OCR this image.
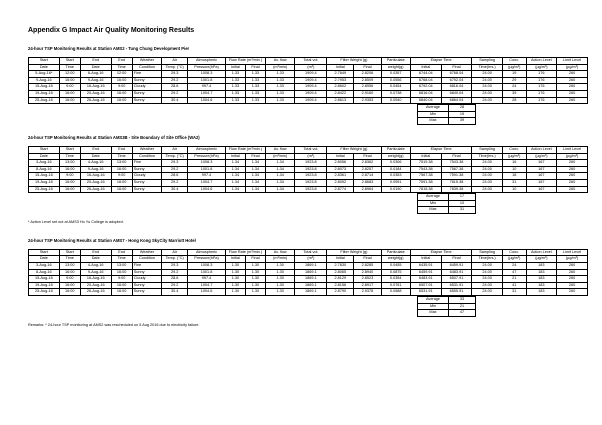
Appendix G Impact Air Quality Monitoring Results
24-hour TSP Monitoring Results at Station AMS2 - Tung Chung Development Pier
Start	Start	End	End	Weather	Air	Atmospheric	Flow Rate (m³/min.)		Av. flow	Total vol.	Filter Weight (g)		Particulate	Elapse Time		Sampling	Conc.	Action Level	Limit Level
Date	Time	Date	Time	Condition	Temp. (°C)	Pressure(hPa)	Initial	Final	(m³/min)	(m³)	Initial	Final	weight(g)	Initial	Final	Time(hrs.)	(μg/m³)	(μg/m³)	(μg/m³)
5-Aug-16*	12:00	6-Aug-16	12:00	Fine	29.3	1008.3	1.33	1.33	1.33	1909.4	2.7849	2.8206	0.0357	6744.04	6768.04	24.00	19	176	260
9-Aug-16	16:00	9-Aug-16	16:00	Sunny	29.2	1001.8	1.33	1.33	1.33	1909.4	2.7953	2.8509	0.0556	6768.04	6792.04	24.00	29	176	260
15-Aug-16	9:00	16-Aug-16	9:00	Cloudy	28.6	997.4	1.33	1.33	1.33	1909.4	2.8602	2.8956	0.0454	6792.04	6816.04	24.00	24	176	260
19-Aug-16	16:00	20-Aug-16	16:00	Sunny	29.2	1004.7	1.33	1.33	1.33	1909.4	2.8422	2.9160	0.0738	6816.04	6840.04	24.00	39	176	260
25-Aug-16	16:00	26-Aug-16	16:00	Sunny	30.4	1004.6	1.33	1.33	1.33	1909.4	2.8613	2.9353	0.0540	6840.04	6864.04	24.00	28	176	260
Average	28
Min	19
Max	39
24-hour TSP Monitoring Results at Station AMS3B - Site Boundary of Site Office (WA2)
Start	Start	End	End	Weather	Air	Atmospheric	Flow Rate (m³/min.)		Av. flow	Total vol.	Filter Weight (g)		Particulate	Elapse Time		Sampling	Conc.	Action Level	Limit Level
Date	Time	Date	Time	Condition	Temp. (°C)	Pressure(hPa)	Initial	Final	(m³/min)	(m³)	Initial	Final	weight(g)	Initial	Final	Time(hrs.)	(μg/m³)	(μg/m³)	(μg/m³)
3-Aug-16	13:00	4-Aug-16	13:00	Fine	29.3	1008.3	1.34	1.34	1.34	1923.8	2.8056	2.8362	0.0306	7519.38	7543.38	24.00	16	167	260
8-Aug-16	16:00	9-Aug-16	16:00	Sunny	29.2	1001.8	1.34	1.34	1.34	1923.8	2.8073	2.8257	0.0184	7543.38	7567.38	24.00	10	167	260
15-Aug-16	9:00	16-Aug-16	9:00	Cloudy	28.6	997.4	1.34	1.34	1.34	1923.8	2.8361	2.8714	0.0353	7567.38	7591.38	24.00	18	167	260
19-Aug-16	16:00	20-Aug-16	16:00	Sunny	29.2	1004.7	1.34	1.34	1.34	1923.8	2.8092	2.8683	0.0591	7591.38	7615.38	24.00	31	167	260
25-Aug-16	16:00	26-Aug-16	16:00	Sunny	30.4	1004.6	1.34	1.34	1.34	1923.8	2.8774	2.8964	0.0190	7615.38	7639.38	24.00	10	167	260
Average	17
Min	10
Max	31
* Action Level set out at AMS3 Ho Yu College is adopted.
24-hour TSP Monitoring Results at Station AMS7 - Hong Kong SkyCity Marriott Hotel
Start	Start	End	End	Weather	Air	Atmospheric	Flow Rate (m³/min.)		Av. flow	Total vol.	Filter Weight (g)		Particulate	Elapse Time		Sampling	Conc.	Action Level	Limit Level
Date	Time	Date	Time	Condition	Temp. (°C)	Pressure(hPa)	Initial	Final	(m³/min)	(m³)	Initial	Final	weight(g)	Initial	Final	Time(hrs.)	(μg/m³)	(μg/m³)	(μg/m³)
3-Aug-16	13:00	4-Aug-16	13:00	Fine	29.3	1008.3	1.30	1.30	1.30	1869.1	2.7830	2.8285	0.0455	6435.91	6459.91	24.00	24	183	260
8-Aug-16	16:00	9-Aug-16	16:00	Sunny	29.2	1001.8	1.30	1.30	1.30	1869.1	2.8065	2.8940	0.0875	6459.91	6483.91	24.00	47	183	260
15-Aug-16	9:00	16-Aug-16	9:00	Cloudy	28.6	997.4	1.30	1.30	1.30	1869.1	2.8129	2.8523	0.0394	6483.91	6507.91	24.00	21	183	260
19-Aug-16	16:00	20-Aug-16	16:00	Sunny	29.2	1004.7	1.30	1.30	1.30	1869.1	2.8156	2.8917	0.0761	6507.91	6531.91	24.00	41	183	260
25-Aug-16	16:00	26-Aug-16	16:00	Sunny	30.4	1004.6	1.30	1.30	1.30	1869.1	2.8790	2.9378	0.0588	6531.91	6555.91	24.00	31	183	260
Average	33
Min	21
Max	47
Remarks: * 24-hour TSP monitoring at AMS2 was rescheduled on 5 Aug 2016 due to electricity failure.
